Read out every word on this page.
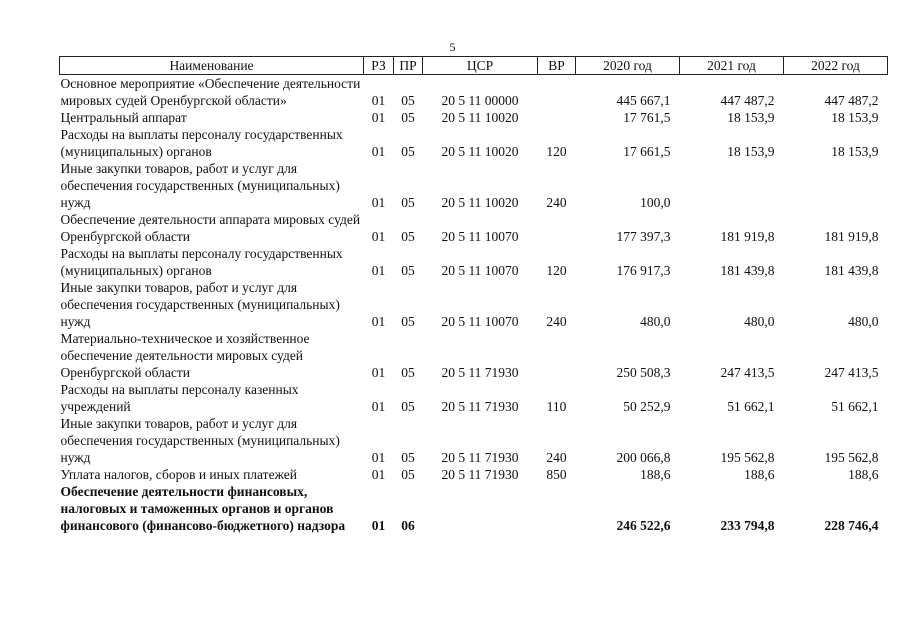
5
Наименование	РЗ	ПР	ЦСР	ВР	2020 год	2021 год	2022 год
Основное мероприятие «Обеспечение деятельности мировых судей Оренбургской области»	01	05	20 5 11 00000		445 667,1	447 487,2	447 487,2
Центральный аппарат	01	05	20 5 11 10020		17 761,5	18 153,9	18 153,9
Расходы на выплаты персоналу государственных (муниципальных) органов	01	05	20 5 11 10020	120	17 661,5	18 153,9	18 153,9
Иные закупки товаров, работ и услуг для обеспечения государственных (муниципальных) нужд	01	05	20 5 11 10020	240	100,0		
Обеспечение деятельности аппарата мировых судей Оренбургской области	01	05	20 5 11 10070		177 397,3	181 919,8	181 919,8
Расходы на выплаты персоналу государственных (муниципальных) органов	01	05	20 5 11 10070	120	176 917,3	181 439,8	181 439,8
Иные закупки товаров, работ и услуг для обеспечения государственных (муниципальных) нужд	01	05	20 5 11 10070	240	480,0	480,0	480,0
Материально-техническое и хозяйственное обеспечение деятельности мировых судей Оренбургской области	01	05	20 5 11 71930		250 508,3	247 413,5	247 413,5
Расходы на выплаты персоналу казенных учреждений	01	05	20 5 11 71930	110	50 252,9	51 662,1	51 662,1
Иные закупки товаров, работ и услуг для обеспечения государственных (муниципальных) нужд	01	05	20 5 11 71930	240	200 066,8	195 562,8	195 562,8
Уплата налогов, сборов и иных платежей	01	05	20 5 11 71930	850	188,6	188,6	188,6
Обеспечение деятельности финансовых, налоговых и таможенных органов и органов финансового (финансово-бюджетного) надзора	01	06			246 522,6	233 794,8	228 746,4
